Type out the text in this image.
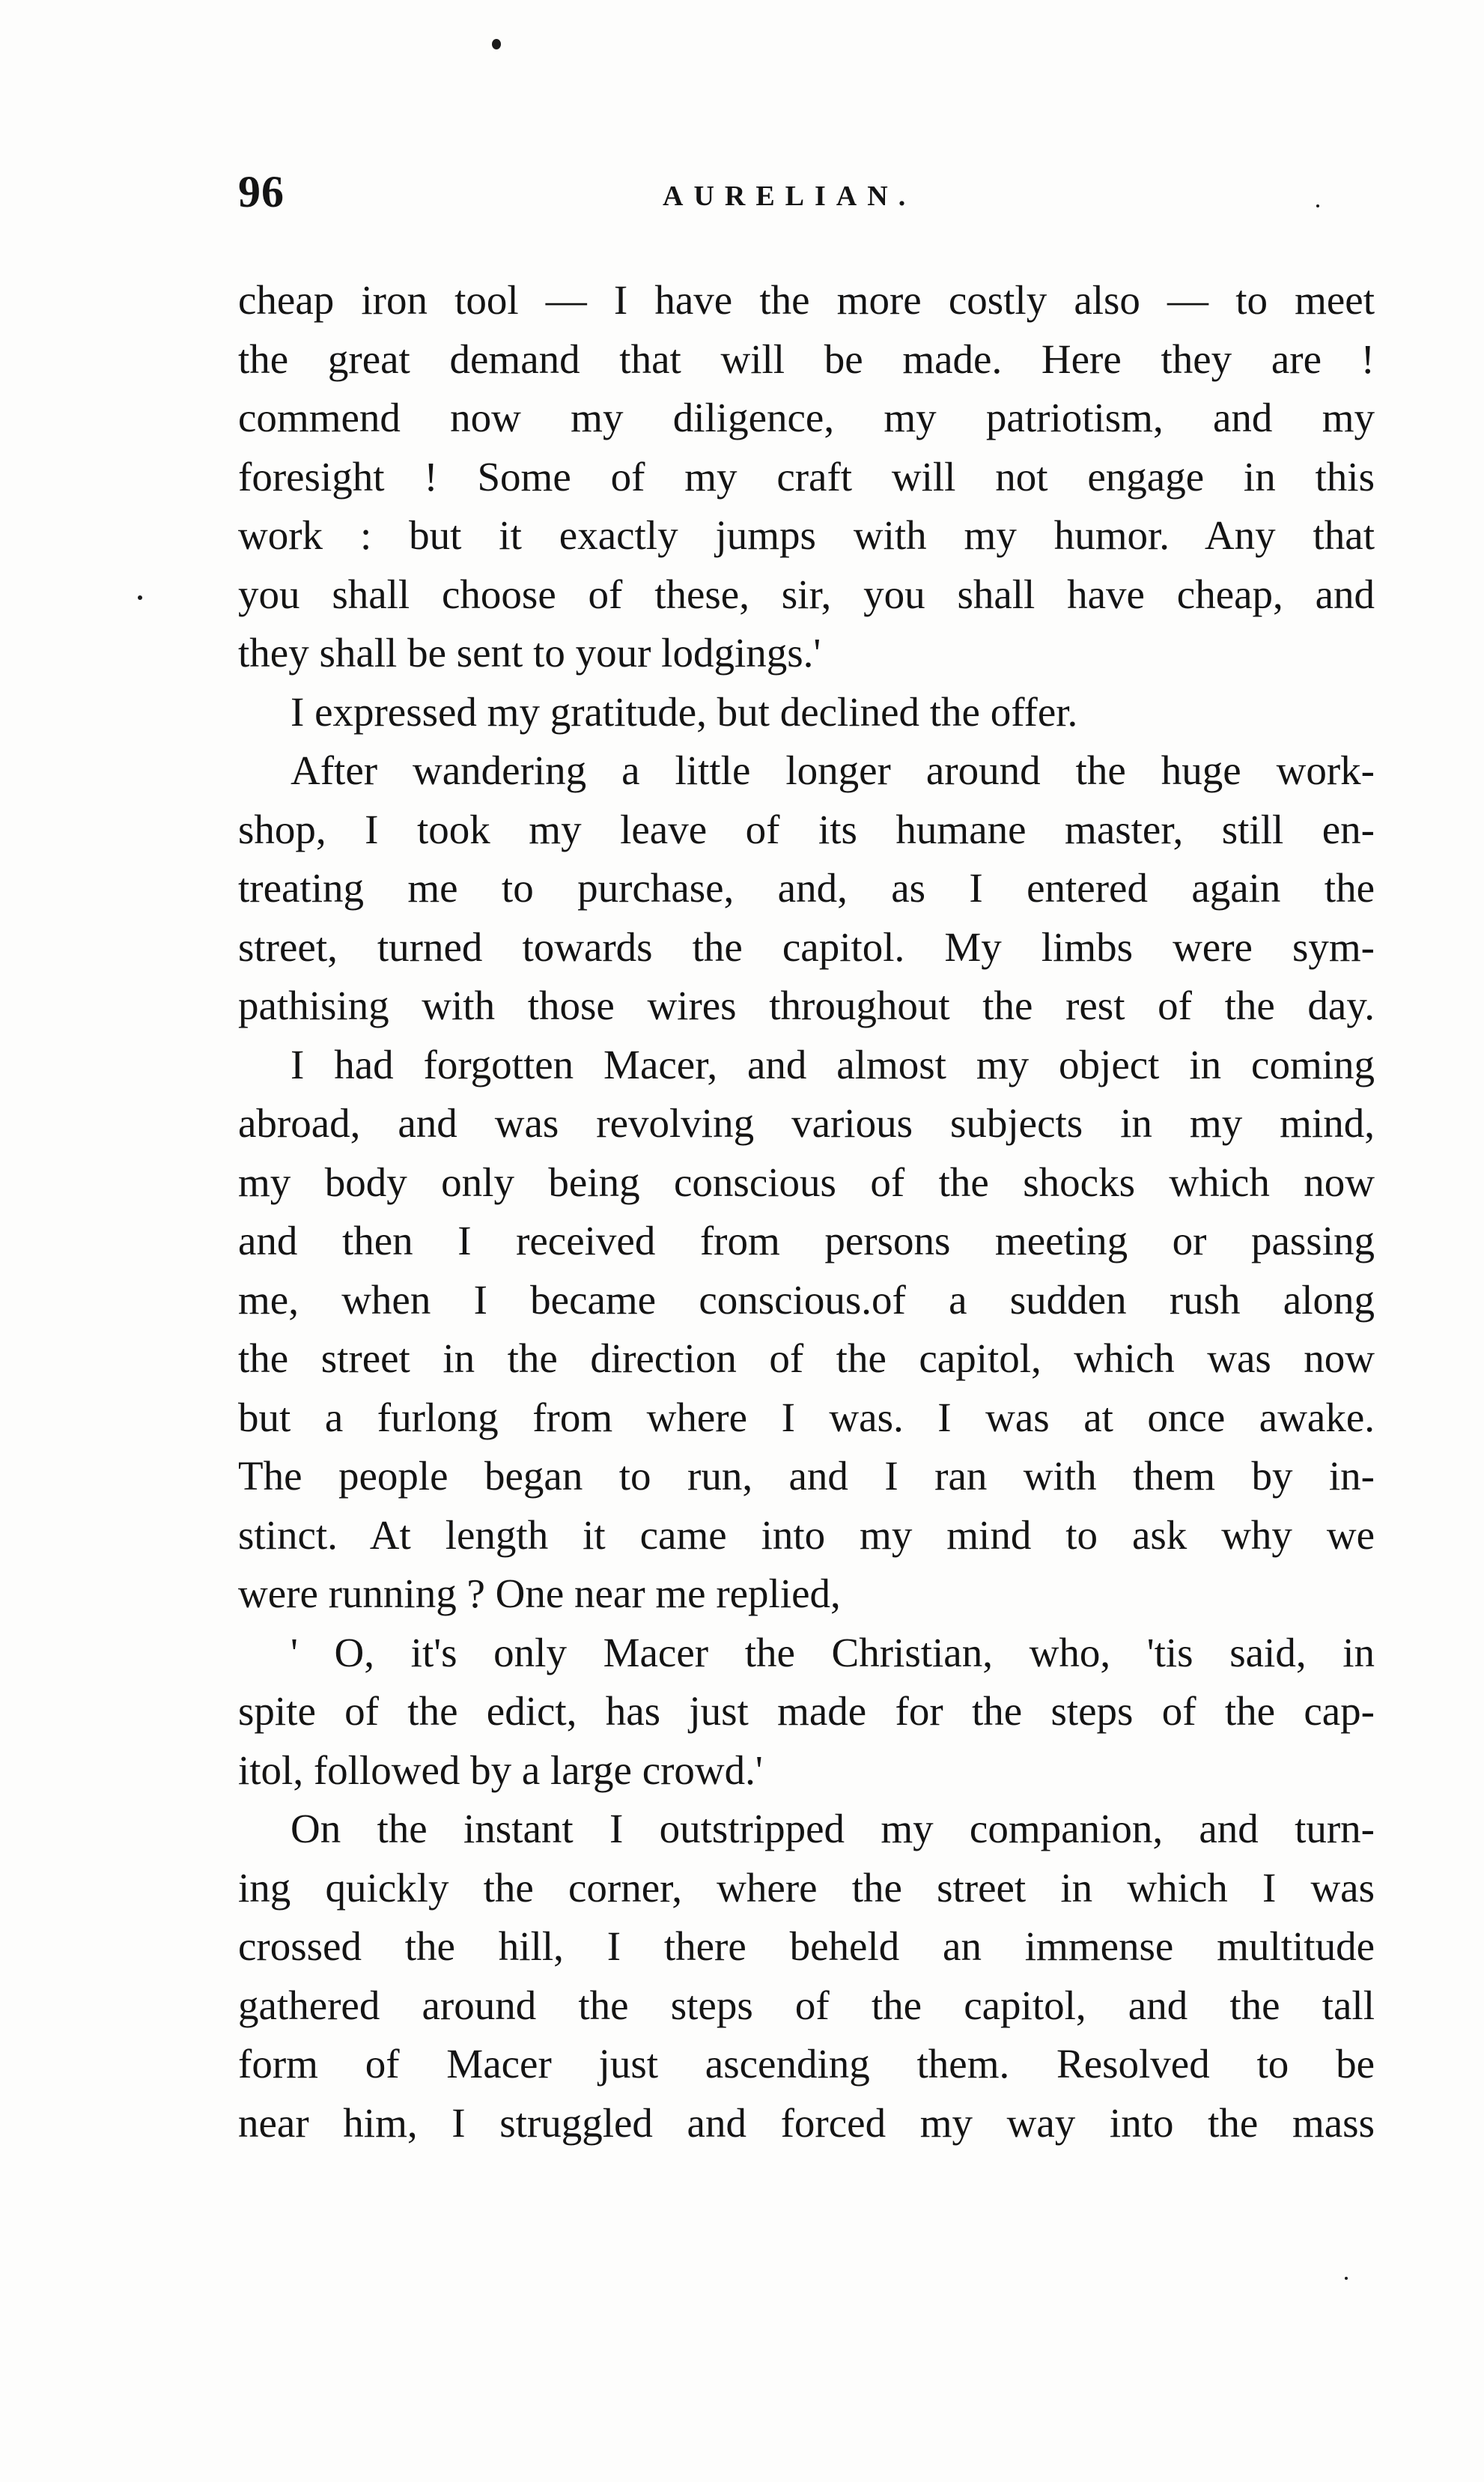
96	AURELIAN.
cheap iron tool — I have the more costly also — to meet
the great demand that will be made. Here they are !
commend now my diligence, my patriotism, and my
foresight ! Some of my craft will not engage in this
work : but it exactly jumps with my humor. Any that
you shall choose of these, sir, you shall have cheap, and
they shall be sent to your lodgings.'
I expressed my gratitude, but declined the offer.
After wandering a little longer around the huge work-
shop, I took my leave of its humane master, still en-
treating me to purchase, and, as I entered again the
street, turned towards the capitol. My limbs were sym-
pathising with those wires throughout the rest of the day.
I had forgotten Macer, and almost my object in coming
abroad, and was revolving various subjects in my mind,
my body only being conscious of the shocks which now
and then I received from persons meeting or passing
me, when I became conscious.of a sudden rush along
the street in the direction of the capitol, which was now
but a furlong from where I was. I was at once awake.
The people began to run, and I ran with them by in-
stinct. At length it came into my mind to ask why we
were running ? One near me replied,
' O, it's only Macer the Christian, who, 'tis said, in
spite of the edict, has just made for the steps of the cap-
itol, followed by a large crowd.'
On the instant I outstripped my companion, and turn-
ing quickly the corner, where the street in which I was
crossed the hill, I there beheld an immense multitude
gathered around the steps of the capitol, and the tall
form of Macer just ascending them. Resolved to be
near him, I struggled and forced my way into the mass
